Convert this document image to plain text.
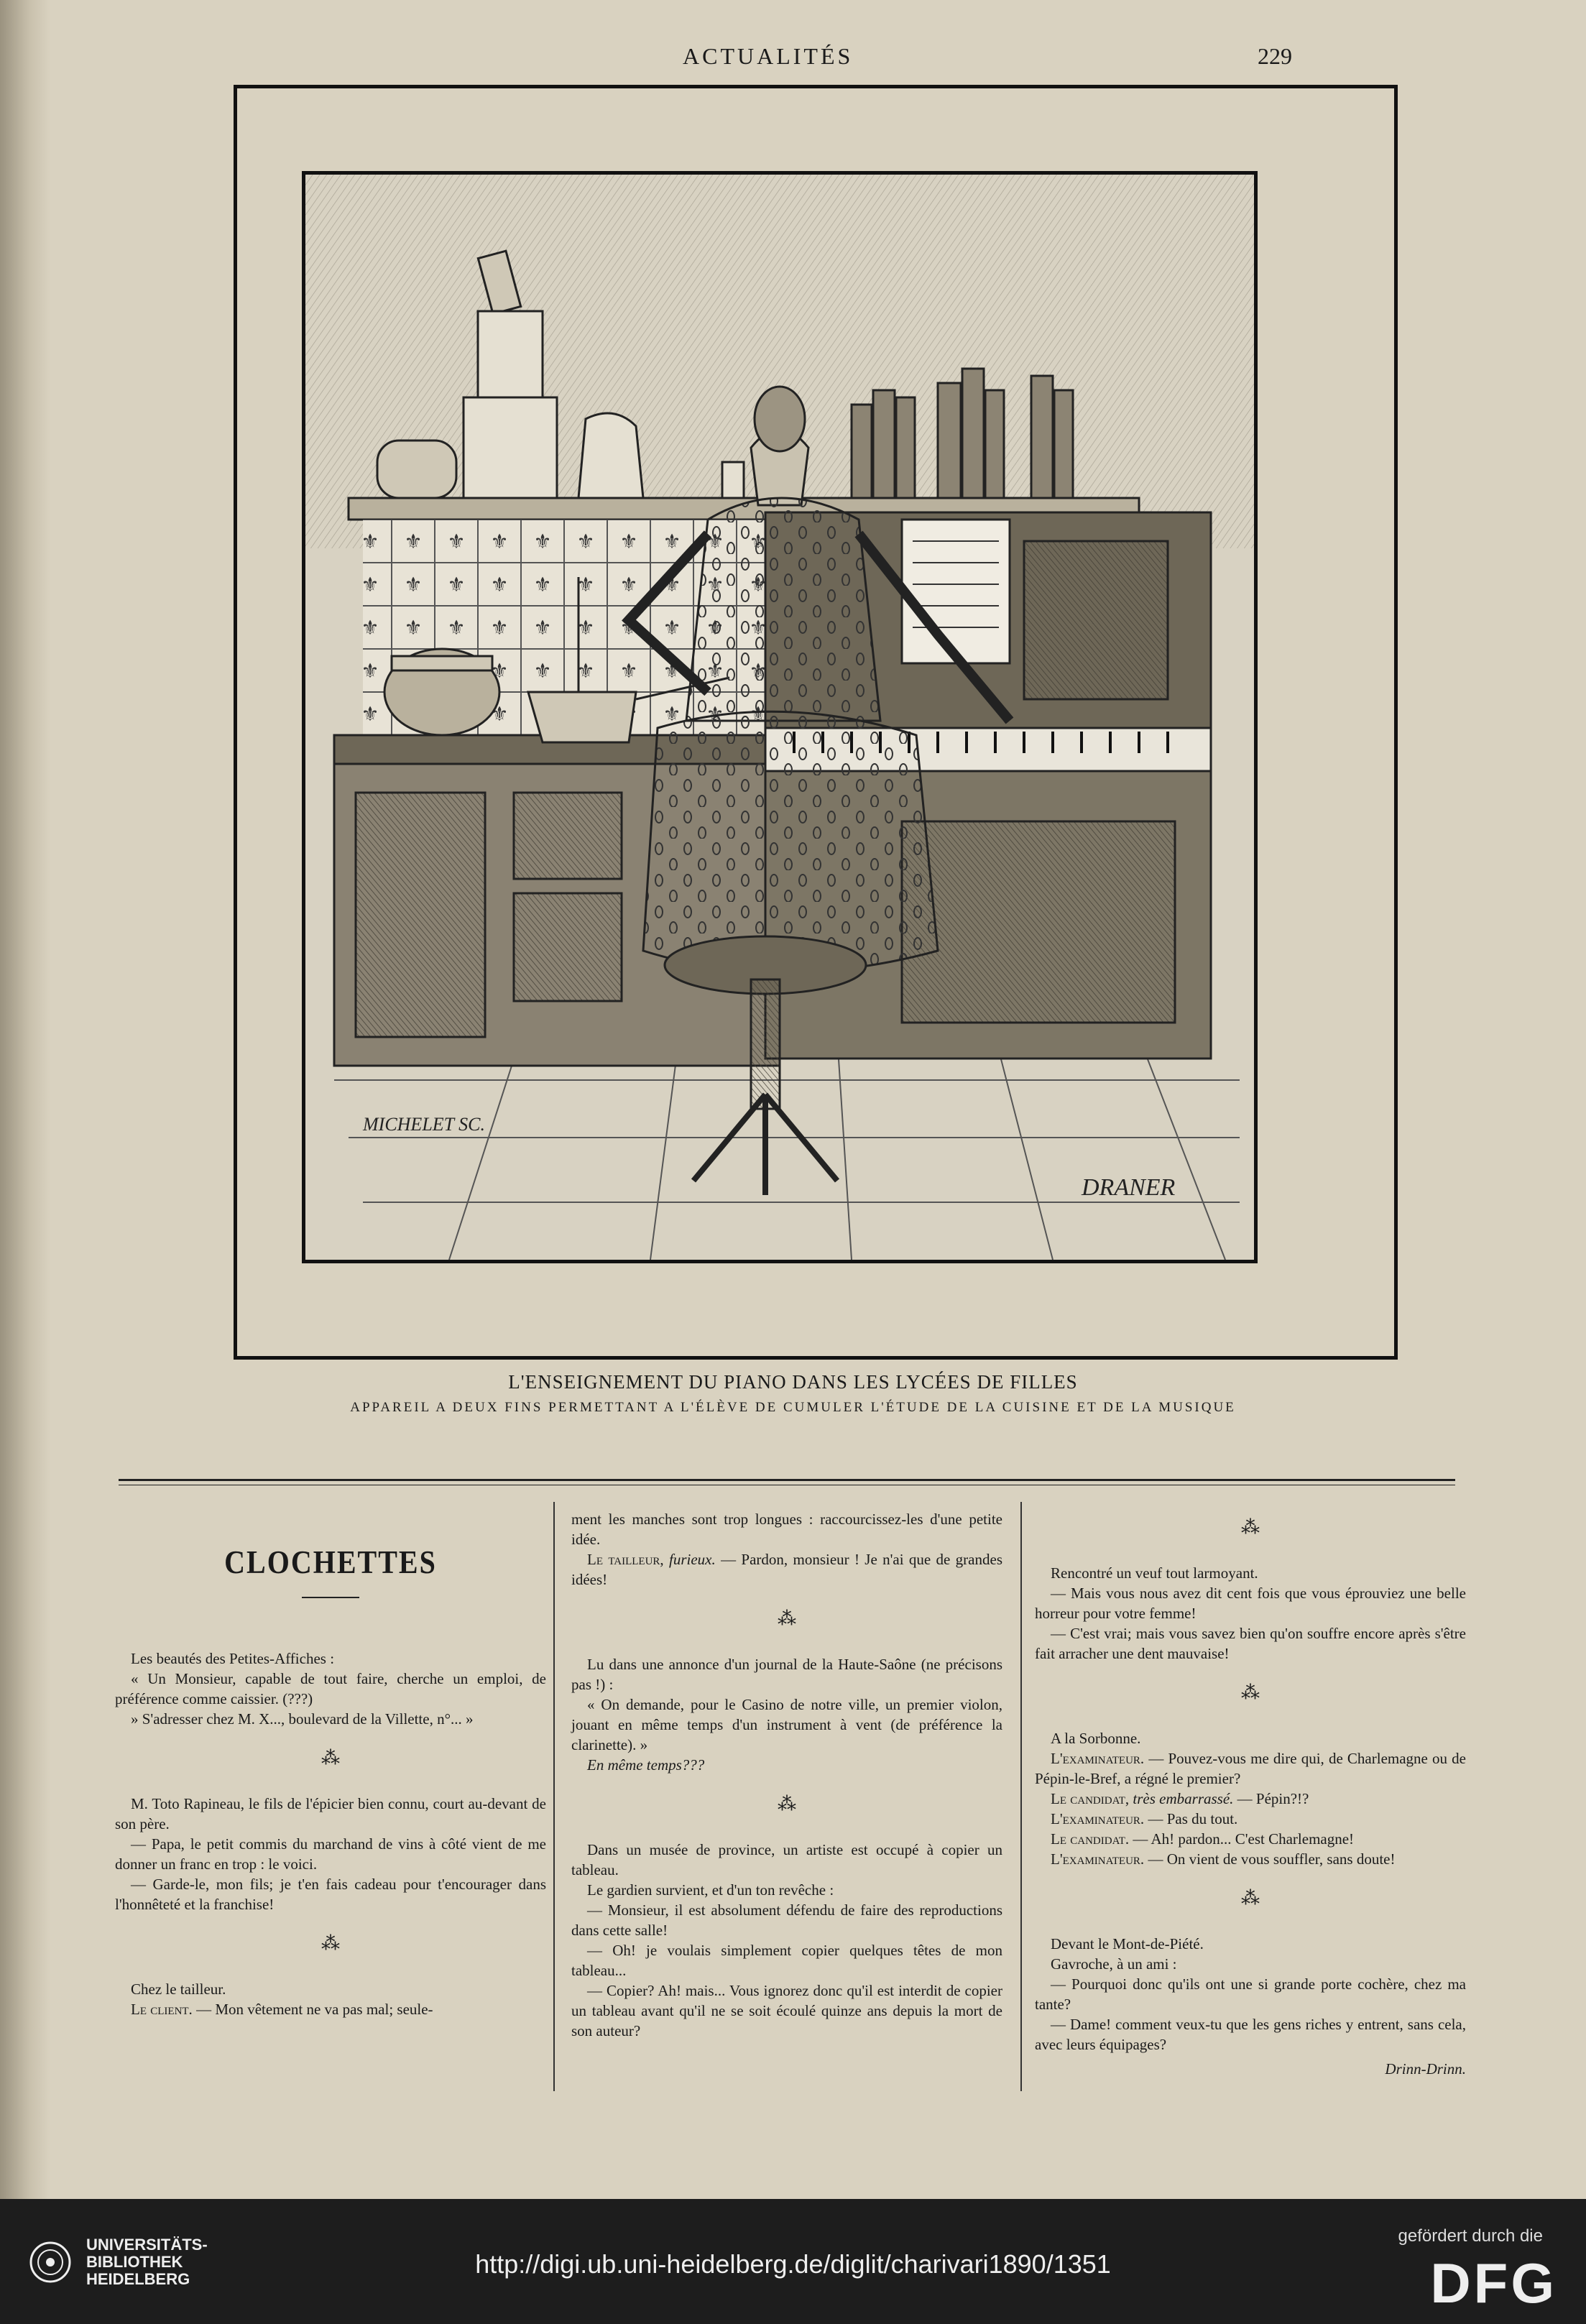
ACTUALITÉS	229
MICHELET SC.
DRANER
L'ENSEIGNEMENT DU PIANO DANS LES LYCÉES DE FILLES
APPAREIL A DEUX FINS PERMETTANT A L'ÉLÈVE DE CUMULER L'ÉTUDE DE LA CUISINE ET DE LA MUSIQUE
CLOCHETTES

Les beautés des Petites-Affiches :

« Un Monsieur, capable de tout faire, cherche un emploi, de préférence comme caissier. (???)

» S'adresser chez M. X..., boulevard de la Villette, n°... »

⁂

M. Toto Rapineau, le fils de l'épicier bien connu, court au-devant de son père.

— Papa, le petit commis du marchand de vins à côté vient de me donner un franc en trop : le voici.

— Garde-le, mon fils; je t'en fais cadeau pour t'encourager dans l'honnêteté et la franchise!

⁂

Chez le tailleur.

Le client. — Mon vêtement ne va pas mal; seule-

ment les manches sont trop longues : raccourcissez-les d'une petite idée.

Le tailleur, furieux. — Pardon, monsieur ! Je n'ai que de grandes idées!

⁂

Lu dans une annonce d'un journal de la Haute-Saône (ne précisons pas !) :

« On demande, pour le Casino de notre ville, un premier violon, jouant en même temps d'un instrument à vent (de préférence la clarinette). »

En même temps???

⁂

Dans un musée de province, un artiste est occupé à copier un tableau.

Le gardien survient, et d'un ton revêche :

— Monsieur, il est absolument défendu de faire des reproductions dans cette salle!

— Oh! je voulais simplement copier quelques têtes de mon tableau...

— Copier? Ah! mais... Vous ignorez donc qu'il est interdit de copier un tableau avant qu'il ne se soit écoulé quinze ans depuis la mort de son auteur?

⁂

Rencontré un veuf tout larmoyant.

— Mais vous nous avez dit cent fois que vous éprouviez une belle horreur pour votre femme!

— C'est vrai; mais vous savez bien qu'on souffre encore après s'être fait arracher une dent mauvaise!

⁂

A la Sorbonne.

L'examinateur. — Pouvez-vous me dire qui, de Charlemagne ou de Pépin-le-Bref, a régné le premier?

Le candidat, très embarrassé. — Pépin?!?

L'examinateur. — Pas du tout.

Le candidat. — Ah! pardon... C'est Charlemagne!

L'examinateur. — On vient de vous souffler, sans doute!

⁂

Devant le Mont-de-Piété.

Gavroche, à un ami :

— Pourquoi donc qu'ils ont une si grande porte cochère, chez ma tante?

— Dame! comment veux-tu que les gens riches y entrent, sans cela, avec leurs équipages?

Drinn-Drinn.
UNIVERSITÄTS-
BIBLIOTHEK
HEIDELBERG
http://digi.ub.uni-heidelberg.de/diglit/charivari1890/1351
gefördert durch die
DFG
